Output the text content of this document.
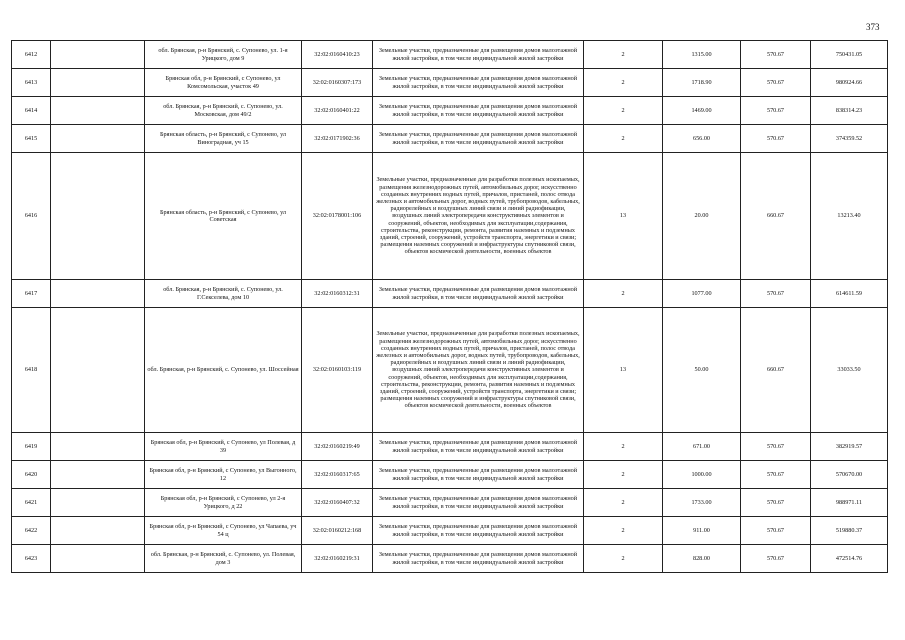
373
6412		обл. Брянская, р-н Брянский, с. Супонево, ул. 1-я Урицкого, дом 9	32:02:0160410:23	Земельные участки, предназначенные для размещения домов малоэтажной жилой застройки, в том числе индивидуальной жилой застройки	2	1315.00	570.67	750431.05
6413		Брянская обл, р-н Брянский, с Супонево, ул Комсомольская, участок 49	32:02:0160307:173	Земельные участки, предназначенные для размещения домов малоэтажной жилой застройки, в том числе индивидуальной жилой застройки	2	1718.90	570.67	980924.66
6414		обл. Брянская, р-н Брянский, с. Супонево, ул. Московская, дом 49/2	32:02:0160401:22	Земельные участки, предназначенные для размещения домов малоэтажной жилой застройки, в том числе индивидуальной жилой застройки	2	1469.00	570.67	838314.23
6415		Брянская область, р-н Брянский, с Супонево, ул Виноградная, уч 15	32:02:0171902:36	Земельные участки, предназначенные для размещения домов малоэтажной жилой застройки, в том числе индивидуальной жилой застройки	2	656.00	570.67	374359.52
6416		Брянская область, р-н Брянский, с Супонево, ул Советская	32:02:0178001:106	Земельные участки, предназначенные для разработки полезных ископаемых, размещения железнодорожных путей, автомобильных дорог, искусственно созданных внутренних водных путей, причалов, пристаней, полос отвода железных и автомобильных дорог, водных путей, трубопроводов, кабельных, радиорелейных и воздушных линий связи и линий радиофикации, воздушных линий электропередачи конструктивных элементов и сооружений, объектов, необходимых для эксплуатации,содержания, строительства, реконструкции, ремонта, развития наземных и подземных зданий, строений, сооружений, устройств транспорта, энергетики и связи; размещения наземных сооружений и инфраструктуры спутниковой связи, объектов космической деятельности, военных объектов	13	20.00	660.67	13213.40
6417		обл. Брянская, р-н Брянский, с. Супонево, ул. Г.Секселева, дом 10	32:02:0160312:31	Земельные участки, предназначенные для размещения домов малоэтажной жилой застройки, в том числе индивидуальной жилой застройки	2	1077.00	570.67	614611.59
6418		обл. Брянская, р-н Брянский, с. Супонево, ул. Шоссейная	32:02:0160103:119	Земельные участки, предназначенные для разработки полезных ископаемых, размещения железнодорожных путей, автомобильных дорог, искусственно созданных внутренних водных путей, причалов, пристаней, полос отвода железных и автомобильных дорог, водных путей, трубопроводов, кабельных, радиорелейных и воздушных линий связи и линий радиофикации, воздушных линий электропередачи конструктивных элементов и сооружений, объектов, необходимых для эксплуатации,содержания, строительства, реконструкции, ремонта, развития наземных и подземных зданий, строений, сооружений, устройств транспорта, энергетики и связи; размещения наземных сооружений и инфраструктуры спутниковой связи, объектов космической деятельности, военных объектов	13	50.00	660.67	33033.50
6419		Брянская обл, р-н Брянский, с Супонево, ул Полевая, д 39	32:02:0160219:49	Земельные участки, предназначенные для размещения домов малоэтажной жилой застройки, в том числе индивидуальной жилой застройки	2	671.00	570.67	382919.57
6420		Брянская обл, р-н Брянский, с Супонево, ул Выгонного, 12	32:02:0160317:65	Земельные участки, предназначенные для размещения домов малоэтажной жилой застройки, в том числе индивидуальной жилой застройки	2	1000.00	570.67	570670.00
6421		Брянская обл, р-н Брянский, с Супонево, ул 2-я Урицкого, д 22	32:02:0160407:32	Земельные участки, предназначенные для размещения домов малоэтажной жилой застройки, в том числе индивидуальной жилой застройки	2	1733.00	570.67	988971.11
6422		Брянская обл, р-н Брянский, с Супонево, ул Чапаева, уч 54 ц	32:02:0160212:168	Земельные участки, предназначенные для размещения домов малоэтажной жилой застройки, в том числе индивидуальной жилой застройки	2	911.00	570.67	519880.37
6423		обл. Брянская, р-н Брянский, с. Супонево, ул. Полевая, дом 3	32:02:0160219:31	Земельные участки, предназначенные для размещения домов малоэтажной жилой застройки, в том числе индивидуальной жилой застройки	2	828.00	570.67	472514.76
